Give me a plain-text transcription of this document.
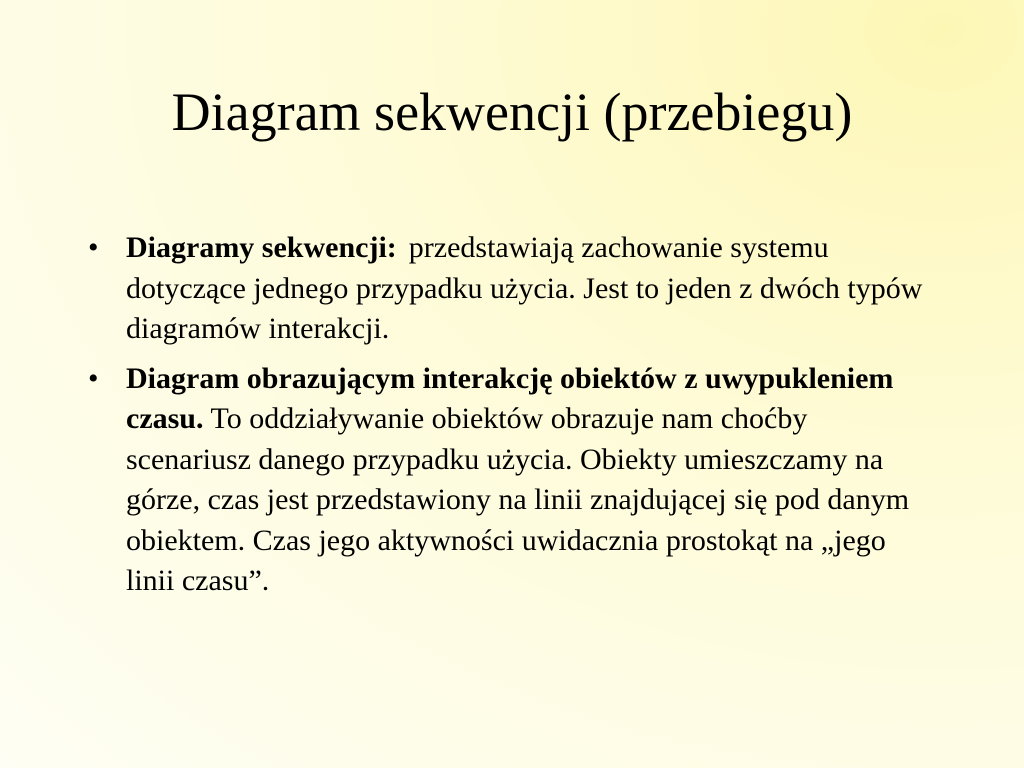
Diagram sekwencji (przebiegu)
• Diagramy sekwencji: przedstawiają zachowanie systemu dotyczące jednego przypadku użycia. Jest to jeden z dwóch typów diagramów interakcji.
• Diagram obrazującym interakcję obiektów z uwypukleniem czasu. To oddziaływanie obiektów obrazuje nam choćby scenariusz danego przypadku użycia. Obiekty umieszczamy na górze, czas jest przedstawiony na linii znajdującej się pod danym obiektem. Czas jego aktywności uwidacznia prostokąt na „jego linii czasu”.
